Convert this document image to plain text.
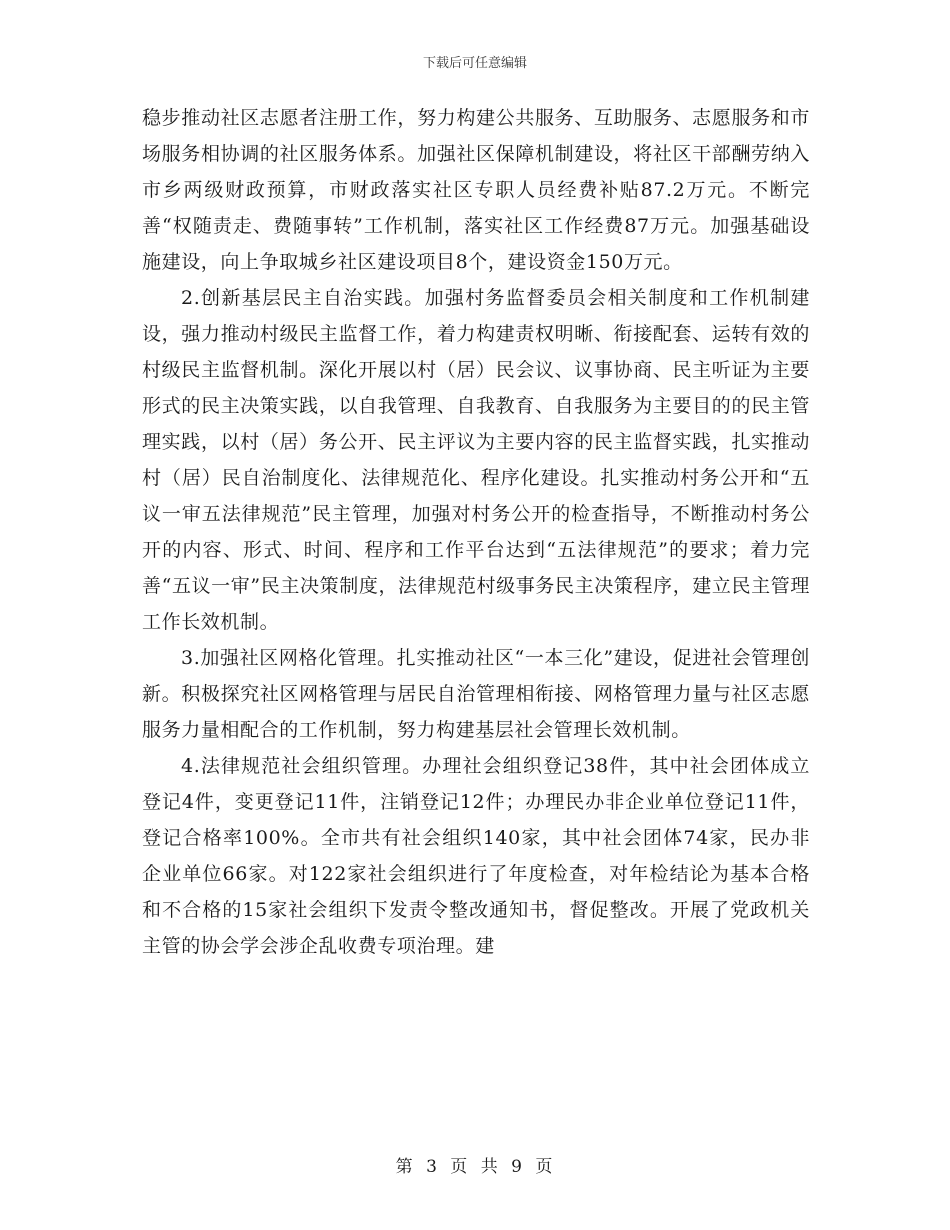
下载后可任意编辑

稳步推动社区志愿者注册工作，努力构建公共服务、互助服务、志愿服务和市场服务相协调的社区服务体系。加强社区保障机制建设，将社区干部酬劳纳入市乡两级财政预算，市财政落实社区专职人员经费补贴87.2万元。不断完善“权随责走、费随事转”工作机制，落实社区工作经费87万元。加强基础设施建设，向上争取城乡社区建设项目8个，建设资金150万元。

2.创新基层民主自治实践。加强村务监督委员会相关制度和工作机制建设，强力推动村级民主监督工作，着力构建责权明晰、衔接配套、运转有效的村级民主监督机制。深化开展以村（居）民会议、议事协商、民主听证为主要形式的民主决策实践，以自我管理、自我教育、自我服务为主要目的的民主管理实践，以村（居）务公开、民主评议为主要内容的民主监督实践，扎实推动村（居）民自治制度化、法律规范化、程序化建设。扎实推动村务公开和“五议一审五法律规范”民主管理，加强对村务公开的检查指导，不断推动村务公开的内容、形式、时间、程序和工作平台达到“五法律规范”的要求；着力完善“五议一审”民主决策制度，法律规范村级事务民主决策程序，建立民主管理工作长效机制。

3.加强社区网格化管理。扎实推动社区“一本三化”建设，促进社会管理创新。积极探究社区网格管理与居民自治管理相衔接、网格管理力量与社区志愿服务力量相配合的工作机制，努力构建基层社会管理长效机制。

4.法律规范社会组织管理。办理社会组织登记38件，其中社会团体成立登记4件，变更登记11件，注销登记12件；办理民办非企业单位登记11件，登记合格率100%。全市共有社会组织140家，其中社会团体74家，民办非企业单位66家。对122家社会组织进行了年度检查，对年检结论为基本合格和不合格的15家社会组织下发责令整改通知书，督促整改。开展了党政机关主管的协会学会涉企乱收费专项治理。建

第 3 页 共 9 页
